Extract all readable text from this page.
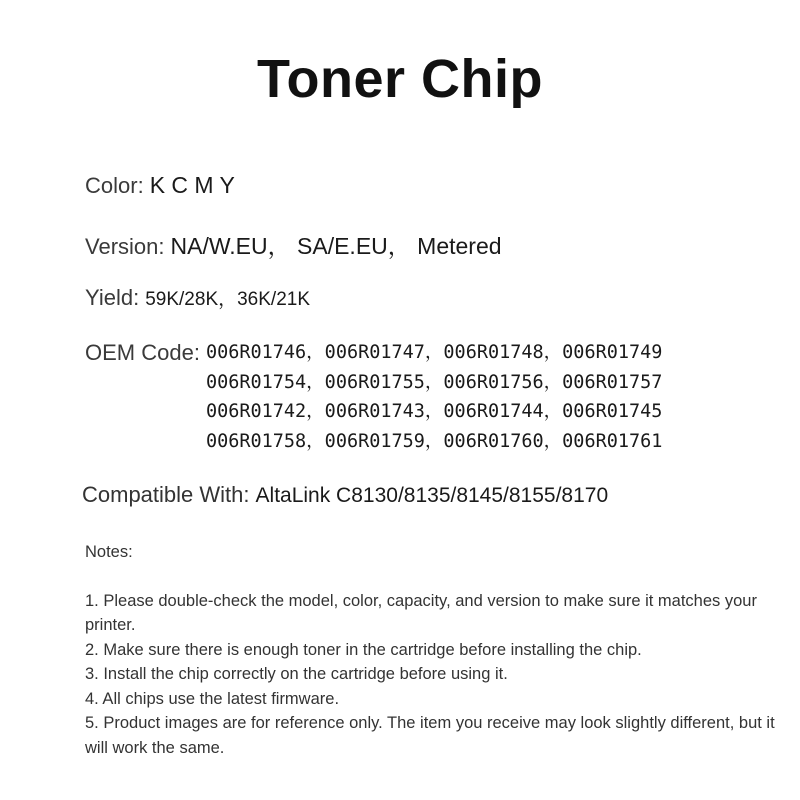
Toner Chip
Color: K C M Y
Version: NA/W.EU， SA/E.EU， Metered
Yield: 59K/28K，36K/21K
OEM Code: 006R01746，006R01747，006R01748，006R01749
006R01754，006R01755，006R01756，006R01757
006R01742，006R01743，006R01744，006R01745
006R01758，006R01759，006R01760，006R01761
Compatible With: AltaLink C8130/8135/8145/8155/8170
Notes:

1. Please double-check the model, color, capacity, and version to make sure it matches your printer.

2. Make sure there is enough toner in the cartridge before installing the chip.

3. Install the chip correctly on the cartridge before using it.

4. All chips use the latest firmware.

5. Product images are for reference only. The item you receive may look slightly different, but it will work the same.
